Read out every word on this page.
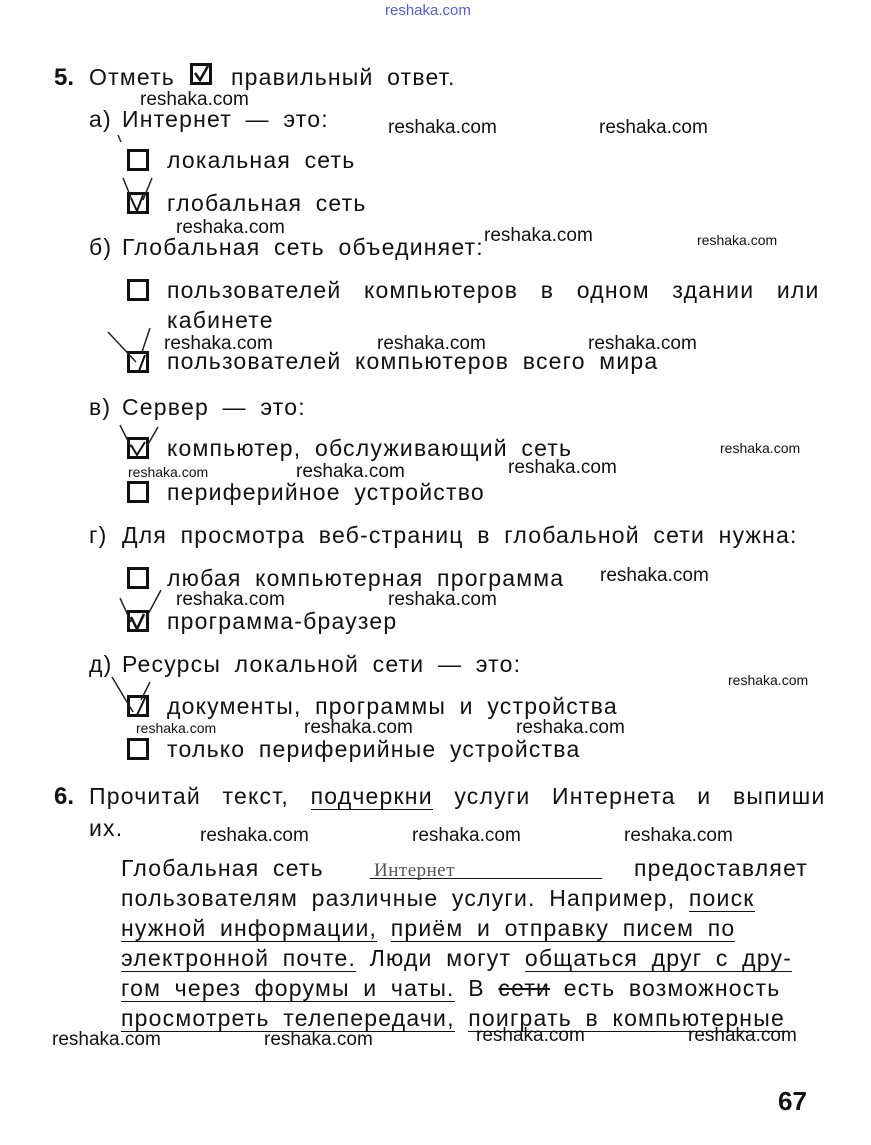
reshaka.com
5. Отметь правильный ответ.
а) Интернет — это:
локальная сеть
глобальная сеть
б) Глобальная сеть объединяет:
пользователей компьютеров в одном здании или
кабинете
пользователей компьютеров всего мира
в) Сервер — это:
компьютер, обслуживающий сеть
периферийное устройство
г) Для просмотра веб-страниц в глобальной сети нужна:
любая компьютерная программа
программа-браузер
д) Ресурсы локальной сети — это:
документы, программы и устройства
только периферийные устройства
6. Прочитай текст, подчеркни услуги Интернета и выпиши
их.
Глобальная сеть	Интернет	предоставляет
пользователям различные услуги. Например, поиск
нужной информации, приём и отправку писем по
электронной почте. Люди могут общаться друг с дру-
гом через форумы и чаты. В сети есть возможность
просмотреть телепередачи, поиграть в компьютерные
67
reshaka.com
reshaka.com	reshaka.com
reshaka.com	reshaka.com	reshaka.com
reshaka.com	reshaka.com	reshaka.com
reshaka.com
reshaka.com	reshaka.com	reshaka.com
reshaka.com
reshaka.com	reshaka.com
reshaka.com
reshaka.com	reshaka.com	reshaka.com
reshaka.com	reshaka.com	reshaka.com
reshaka.com	reshaka.com	reshaka.com	reshaka.com
